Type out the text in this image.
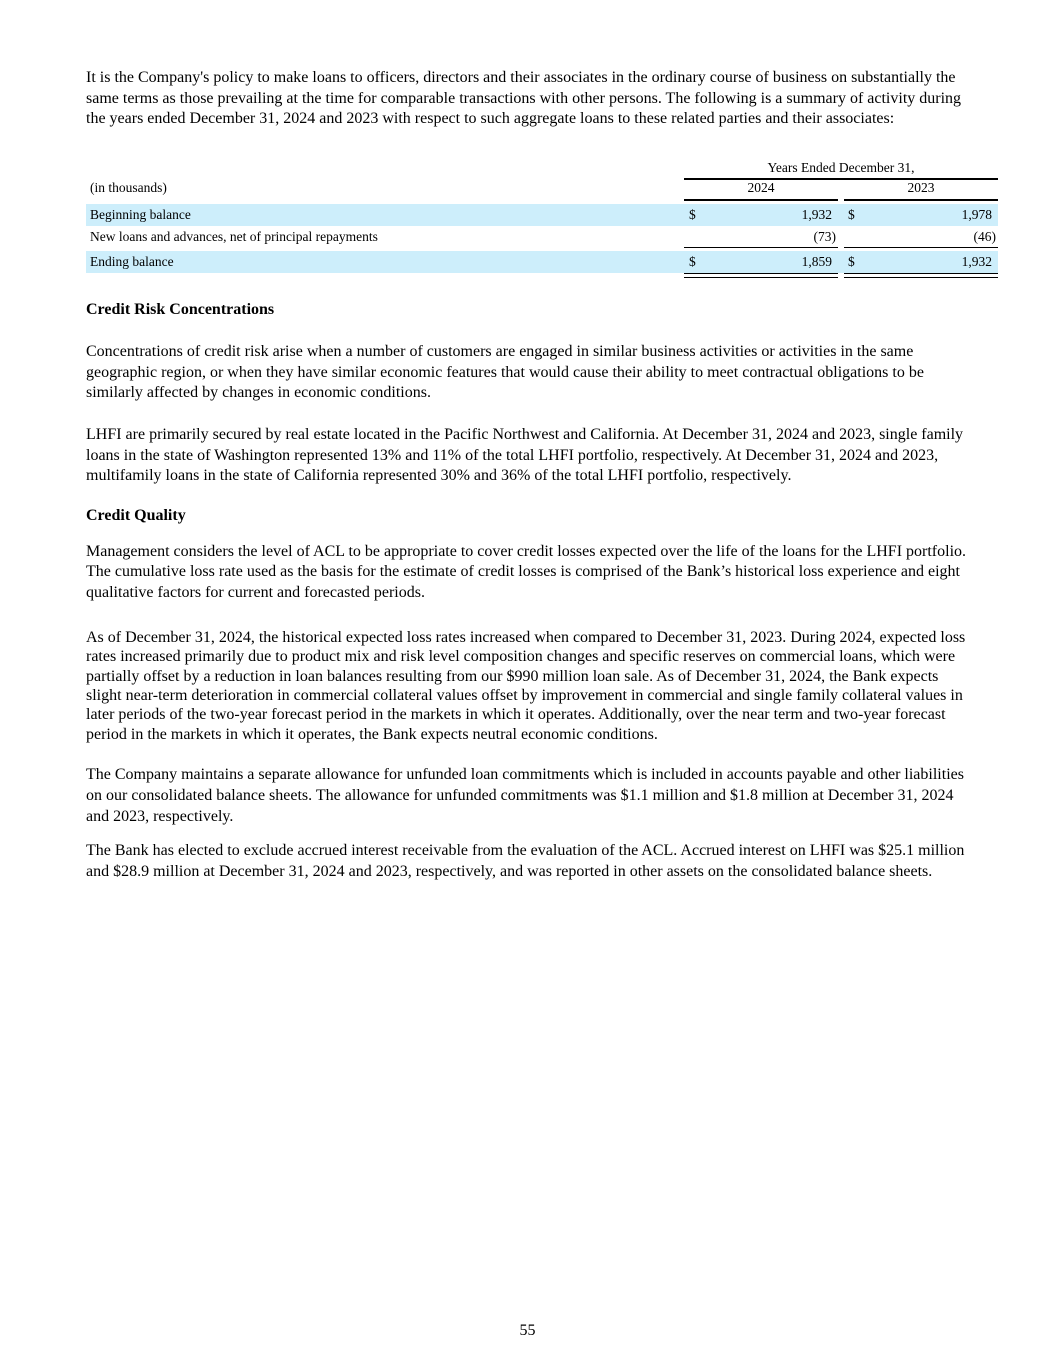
It is the Company's policy to make loans to officers, directors and their associates in the ordinary course of business on substantially the same terms as those prevailing at the time for comparable transactions with other persons. The following is a summary of activity during the years ended December 31, 2024 and 2023 with respect to such aggregate loans to these related parties and their associates:

Years Ended December 31,
(in thousands)	2024	2023
Beginning balance	$	1,932 $	1,978
New loans and advances, net of principal repayments	(73)	(46)
Ending balance	$	1,859 $	1,932
Credit Risk Concentrations

Concentrations of credit risk arise when a number of customers are engaged in similar business activities or activities in the same geographic region, or when they have similar economic features that would cause their ability to meet contractual obligations to be similarly affected by changes in economic conditions.

LHFI are primarily secured by real estate located in the Pacific Northwest and California. At December 31, 2024 and 2023, single family loans in the state of Washington represented 13% and 11% of the total LHFI portfolio, respectively. At December 31, 2024 and 2023, multifamily loans in the state of California represented 30% and 36% of the total LHFI portfolio, respectively.

Credit Quality

Management considers the level of ACL to be appropriate to cover credit losses expected over the life of the loans for the LHFI portfolio. The cumulative loss rate used as the basis for the estimate of credit losses is comprised of the Bank’s historical loss experience and eight qualitative factors for current and forecasted periods.

As of December 31, 2024, the historical expected loss rates increased when compared to December 31, 2023. During 2024, expected loss rates increased primarily due to product mix and risk level composition changes and specific reserves on commercial loans, which were partially offset by a reduction in loan balances resulting from our $990 million loan sale. As of December 31, 2024, the Bank expects slight near-term deterioration in commercial collateral values offset by improvement in commercial and single family collateral values in later periods of the two-year forecast period in the markets in which it operates. Additionally, over the near term and two-year forecast period in the markets in which it operates, the Bank expects neutral economic conditions.

The Company maintains a separate allowance for unfunded loan commitments which is included in accounts payable and other liabilities on our consolidated balance sheets. The allowance for unfunded commitments was $1.1 million and $1.8 million at December 31, 2024 and 2023, respectively.

The Bank has elected to exclude accrued interest receivable from the evaluation of the ACL. Accrued interest on LHFI was $25.1 million and $28.9 million at December 31, 2024 and 2023, respectively, and was reported in other assets on the consolidated balance sheets.

55
